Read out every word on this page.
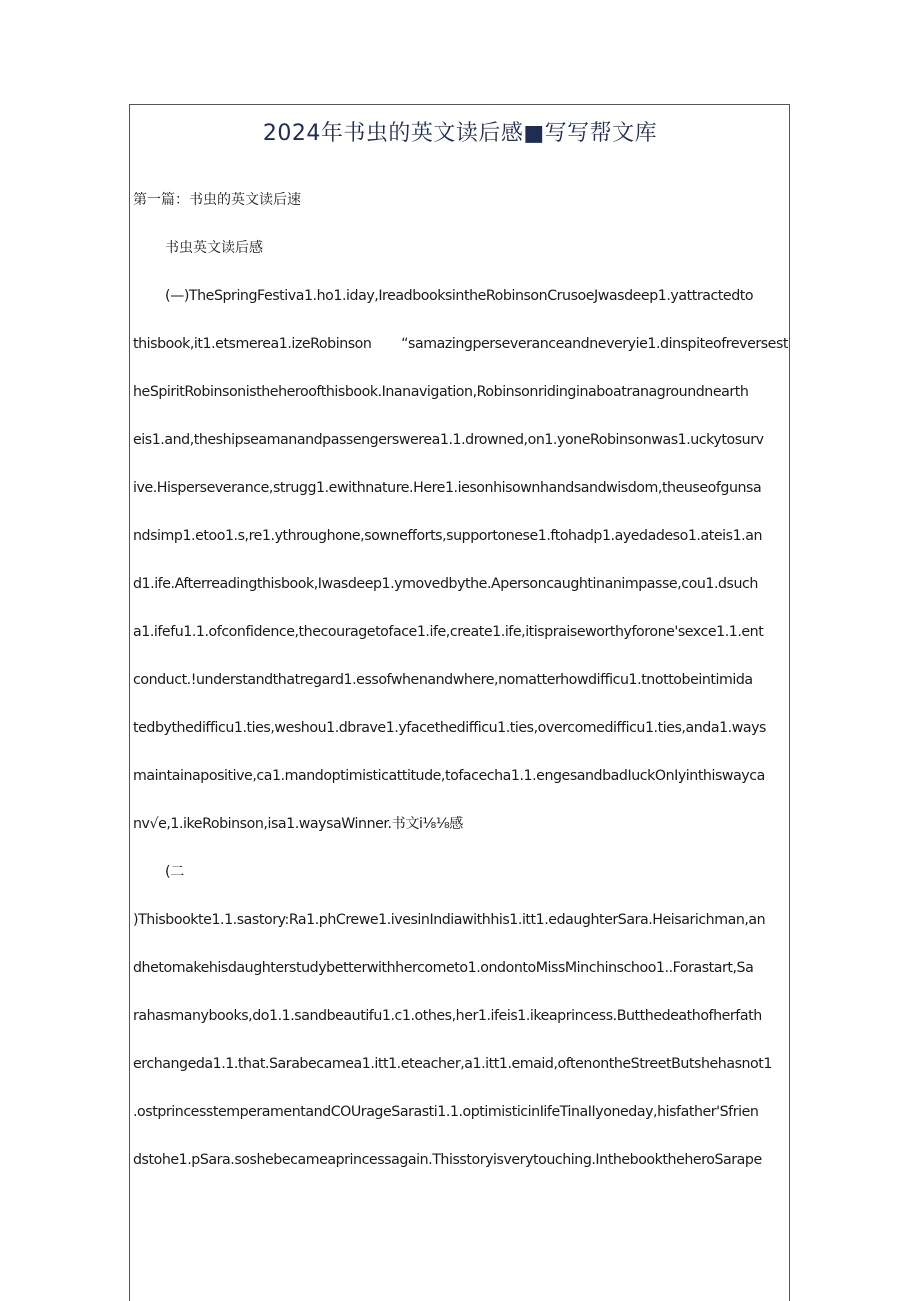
2024年书虫的英文读后感■写写帮文库
第一篇：书虫的英文读后速
书虫英文读后感
(—)TheSpringFestiva1.ho1.iday,IreadbooksintheRobinsonCrusoeJwasdeep1.yattractedto
thisbook,it1.etsmerea1.izeRobinson “samazingperseveranceandneveryie1.dinspiteofreversest
heSpiritRobinsonistheheroofthisbook.Inanavigation,Robinsonridinginaboatranagroundnearth
eis1.and,theshipseamanandpassengerswerea1.1.drowned,on1.yoneRobinsonwas1.uckytosurv
ive.Hisperseverance,strugg1.ewithnature.Here1.iesonhisownhandsandwisdom,theuseofgunsa
ndsimp1.etoo1.s,re1.ythroughone,sownefforts,supportonese1.ftohadp1.ayedadeso1.ateis1.an
d1.ife.Afterreadingthisbook,Iwasdeep1.ymovedbythe.Apersoncaughtinanimpasse,cou1.dsuch
a1.ifefu1.1.ofconfidence,thecouragetoface1.ife,create1.ife,itispraiseworthyforone'sexce1.1.ent
conduct.!understandthatregard1.essofwhenandwhere,nomatterhowdifficu1.tnottobeintimida
tedbythedifficu1.ties,weshou1.dbrave1.yfacethedifficu1.ties,overcomedifficu1.ties,anda1.ways
maintainapositive,ca1.mandoptimisticattitude,tofacecha1.1.engesandbadIuckOnIyinthiswayca
nv√e,1.ikeRobinson,isa1.waysaWinner.书文i⅛⅛感
(二
)Thisbookte1.1.sastory:Ra1.phCrewe1.ivesinIndiawithhis1.itt1.edaughterSara.Heisarichman,an
dhetomakehisdaughterstudybetterwithhercometo1.ondontoMissMinchinschoo1..Forastart,Sa
rahasmanybooks,do1.1.sandbeautifu1.c1.othes,her1.ifeis1.ikeaprincess.Butthedeathofherfath
erchangeda1.1.that.Sarabecamea1.itt1.eteacher,a1.itt1.emaid,oftenontheStreetButshehasnot1
.ostprincesstemperamentandCOUrageSarasti1.1.optimisticinIifeTinaIIyoneday,hisfather'Sfrien
dstohe1.pSara.soshebecameaprincessagain.Thisstoryisverytouching.InthebooktheheroSarape
